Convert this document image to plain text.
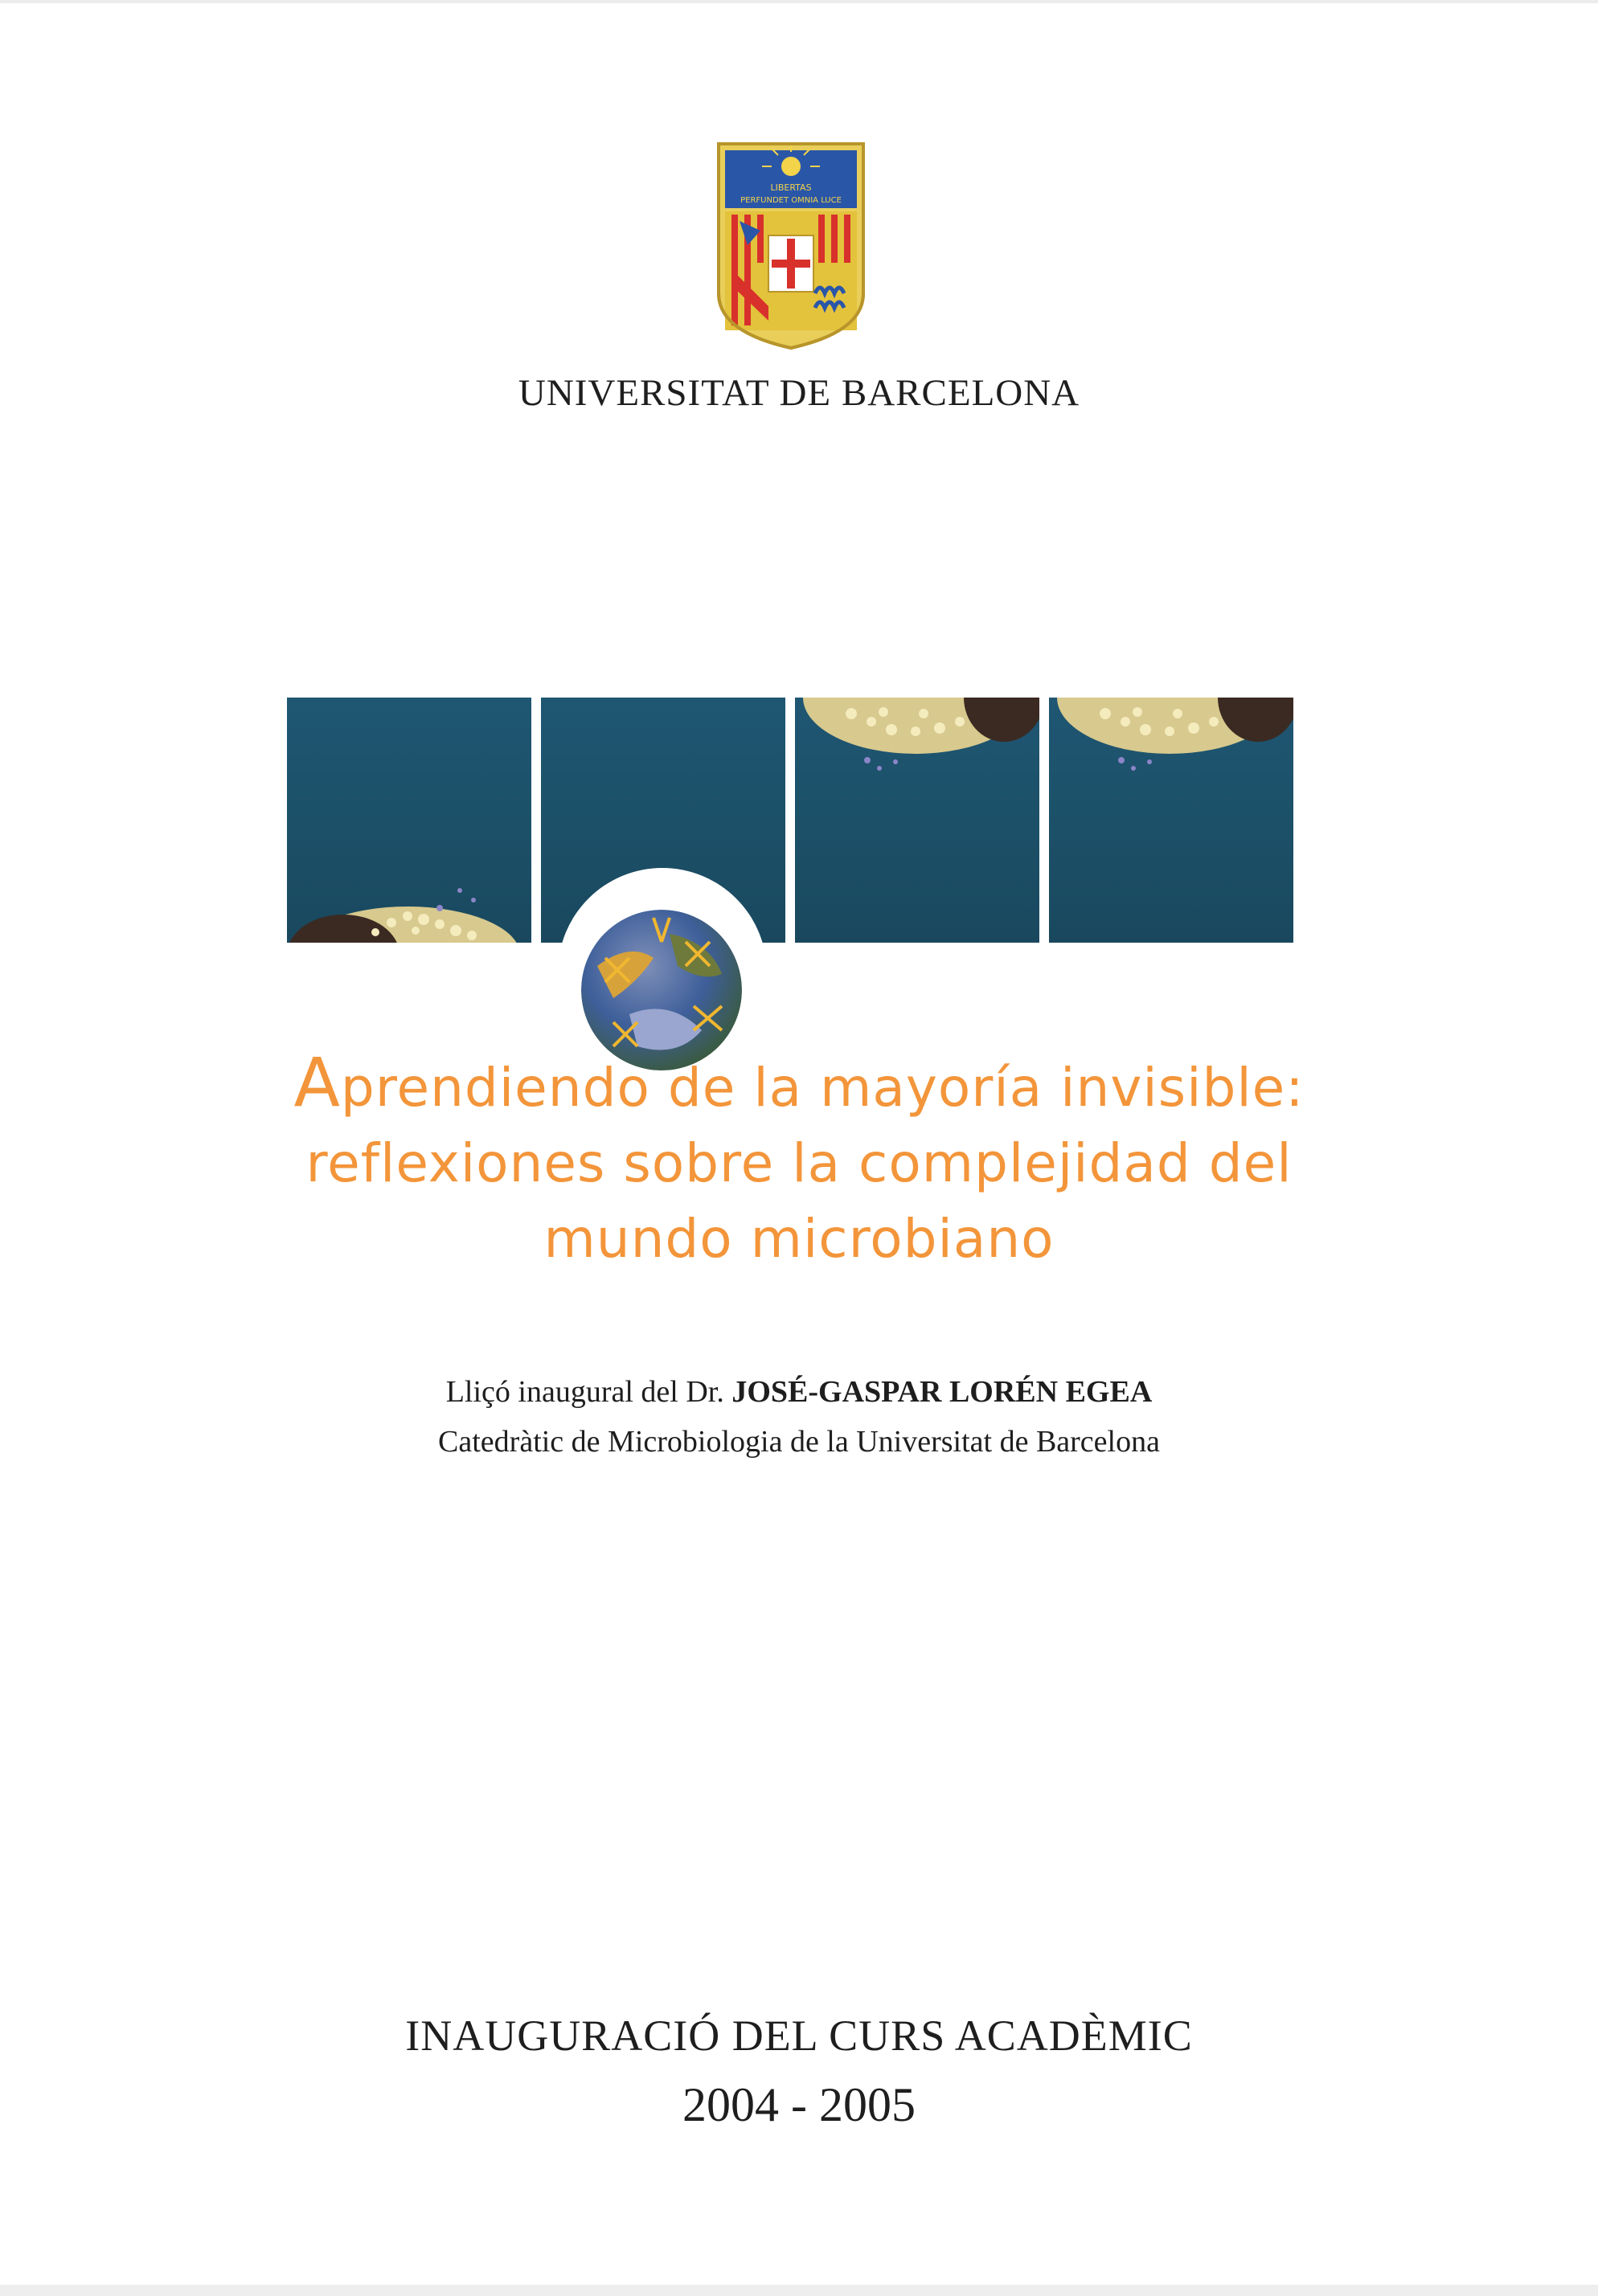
LIBERTAS
PERFUNDET OMNIA LUCE
UNIVERSITAT DE BARCELONA
Aprendiendo de la mayoría invisible:
reflexiones sobre la complejidad del
mundo microbiano
Lliçó inaugural del Dr. JOSÉ-GASPAR LORÉN EGEA
Catedràtic de Microbiologia de la Universitat de Barcelona
INAUGURACIÓ DEL CURS ACADÈMIC
2004 - 2005
